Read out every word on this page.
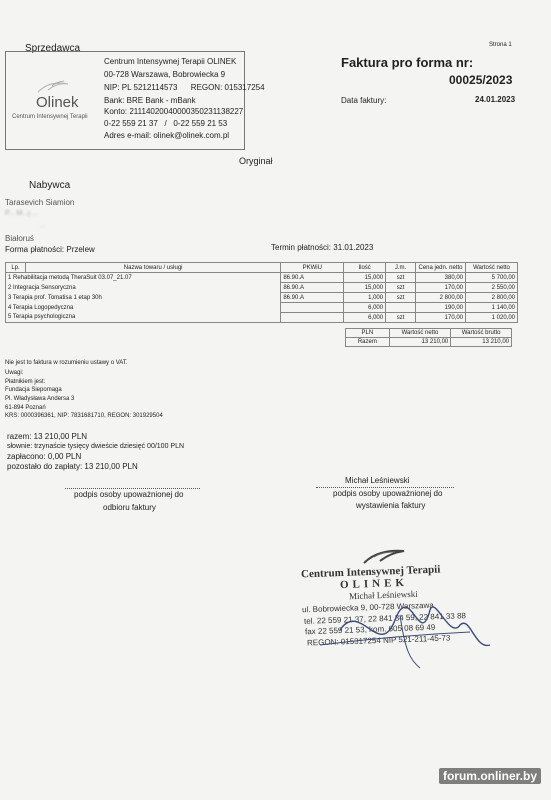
Strona 1
Sprzedawca
Olinek
Centrum Intensywnej Terapii
Centrum Intensywnej Terapii OLINEK
00-728 Warszawa, Bobrowiecka 9
NIP: PL 5212114573      REGON: 015317254
Bank: BRE Bank - mBank
Konto: 21114020040000350231138227
0-22 559 21 37   /   0-22 559 21 53
Adres e-mail: olinek@olinek.com.pl
Faktura pro forma nr:
00025/2023
Data faktury:	24.01.2023
Oryginał
Nabywca
Tarasevich Siamion
P... M...j ...
...
Białoruś
Forma płatności: Przelew	Termin płatności: 31.01.2023
Lp.	Nazwa towaru / usługi	PKWiU	Ilość	J.m.	Cena jedn. netto	Wartość netto
1 Rehabilitacja metodą TheraSuit 03.07_21.07		86.90.A	15,000	szt	380,00	5 700,00
2 Integracja Sensoryczna		86.90.A	15,000	szt	170,00	2 550,00
3 Terapia prof. Tomatisa 1 etap 30h		86.90.A	1,000	szt	2 800,00	2 800,00
4 Terapia Logopedyczna			6,000		190,00	1 140,00
5 Terapia psychologiczna			6,000	szt	170,00	1 020,00
PLN	Wartość netto	Wartość brutto
Razem	13 210,00	13 210,00
Nie jest to faktura w rozumieniu ustawy o VAT.
Uwagi:
Płatnikiem jest:
Fundacja Siepomaga
Pl. Władysława Andersa 3
61-894 Poznań
KRS: 0000396361, NIP: 7831681710, REGON: 301929504
razem: 13 210,00 PLN
słownie: trzynaście tysięcy dwieście dziesięć 00/100 PLN
zapłacono: 0,00 PLN
pozostało do zapłaty: 13 210,00 PLN
podpis osoby upoważnionej do
odbioru faktury
Michał Leśniewski
podpis osoby upoważnionej do
wystawienia faktury
Centrum Intensywnej Terapii
OLINEK
Michał Leśniewski
ul. Bobrowiecka 9, 00-728 Warszawa
tel. 22 559 21 37, 22 841 34 59, 22 841 33 88
fax 22 559 21 53, kom. 605 08 69 49
REGON: 015317254 NIP 521-211-45-73
forum.onliner.by
